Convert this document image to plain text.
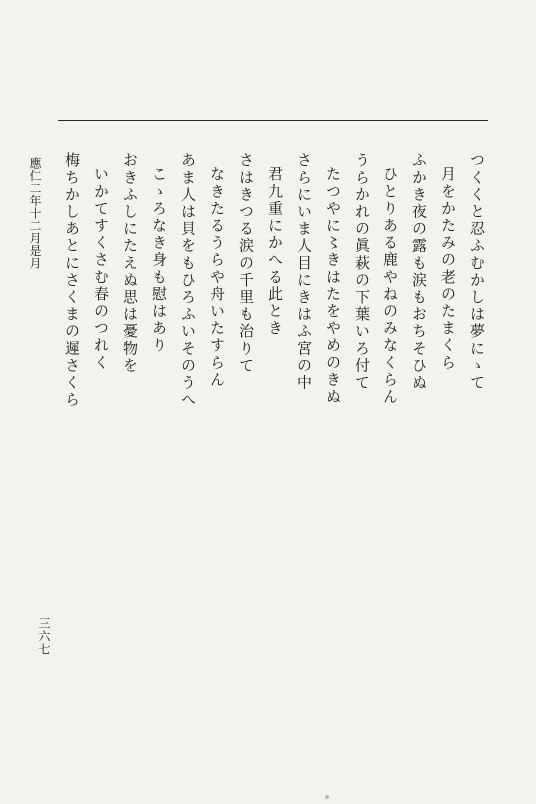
つくくと忍ふむかしは夢にゝて
月をかたみの老のたまくら
ふかき夜の露も涙もおちそひぬ
ひとりある鹿やねのみなくらん
うらかれの眞萩の下葉いろ付て
たつやに〻きはたをやめのきぬ
さらにいま人目にきはふ宮の中
君九重にかへる此とき
さはきつる涙の千里も治りて
なきたるうらや舟いたすらん
あま人は貝をもひろふいそのうへ
こゝろなき身も慰はあり
おきふしにたえぬ思は憂物を
いかてすくさむ春のつれく
梅ちかしあとにさくまの遲さくら
應仁二年十二月是月
三六七
